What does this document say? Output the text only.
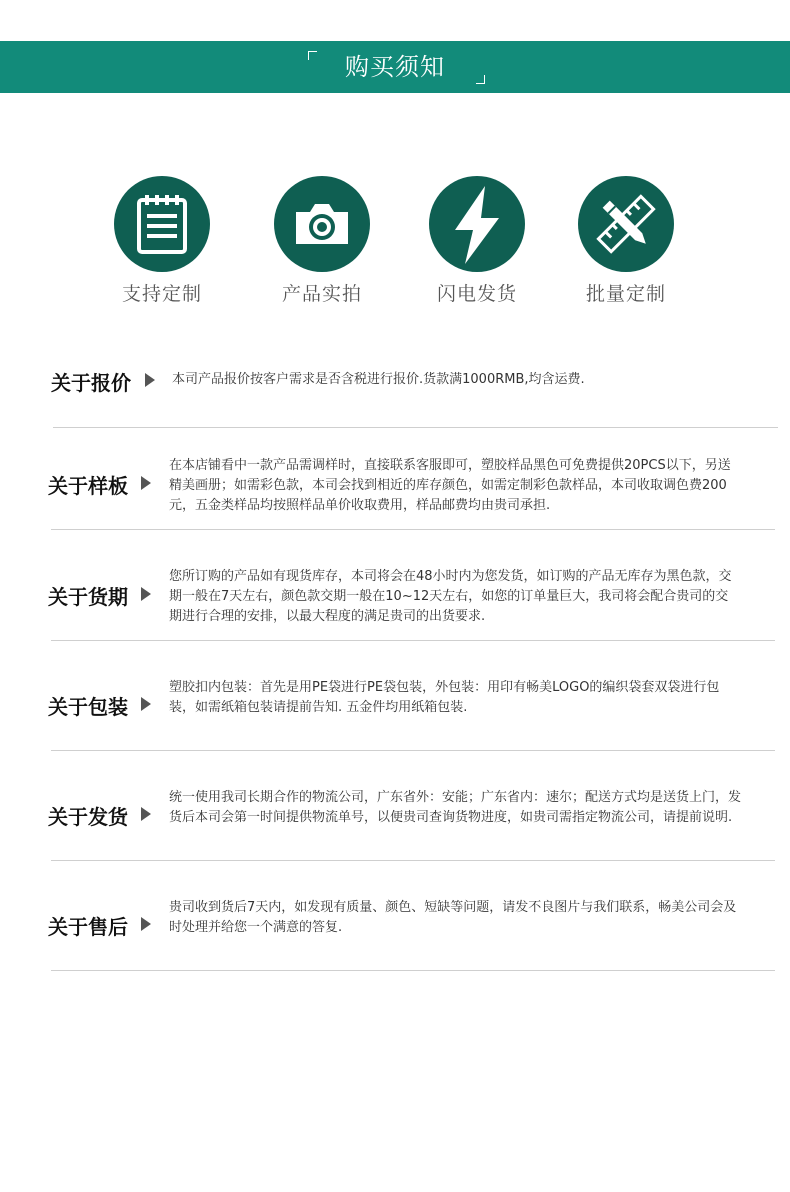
购买须知
支持定制	产品实拍	闪电发货	批量定制
关于报价	本司产品报价按客户需求是否含税进行报价.货款满1000RMB,均含运费.
关于样板
在本店铺看中一款产品需调样时，直接联系客服即可，塑胶样品黑色可免费提供20PCS以下，另送精美画册；如需彩色款，本司会找到相近的库存颜色，如需定制彩色款样品，本司收取调色费200元，五金类样品均按照样品单价收取费用，样品邮费均由贵司承担.
关于货期
您所订购的产品如有现货库存，本司将会在48小时内为您发货，如订购的产品无库存为黑色款，交期一般在7天左右，颜色款交期一般在10~12天左右，如您的订单量巨大，我司将会配合贵司的交期进行合理的安排，以最大程度的满足贵司的出货要求.
关于包装
塑胶扣内包装：首先是用PE袋进行PE袋包装，外包装：用印有畅美LOGO的编织袋套双袋进行包装，如需纸箱包装请提前告知. 五金件均用纸箱包装.
关于发货
统一使用我司长期合作的物流公司，广东省外：安能；广东省内：速尔；配送方式均是送货上门，发货后本司会第一时间提供物流单号，以便贵司查询货物进度，如贵司需指定物流公司，请提前说明.
关于售后
贵司收到货后7天内，如发现有质量、颜色、短缺等问题，请发不良图片与我们联系，畅美公司会及时处理并给您一个满意的答复.
